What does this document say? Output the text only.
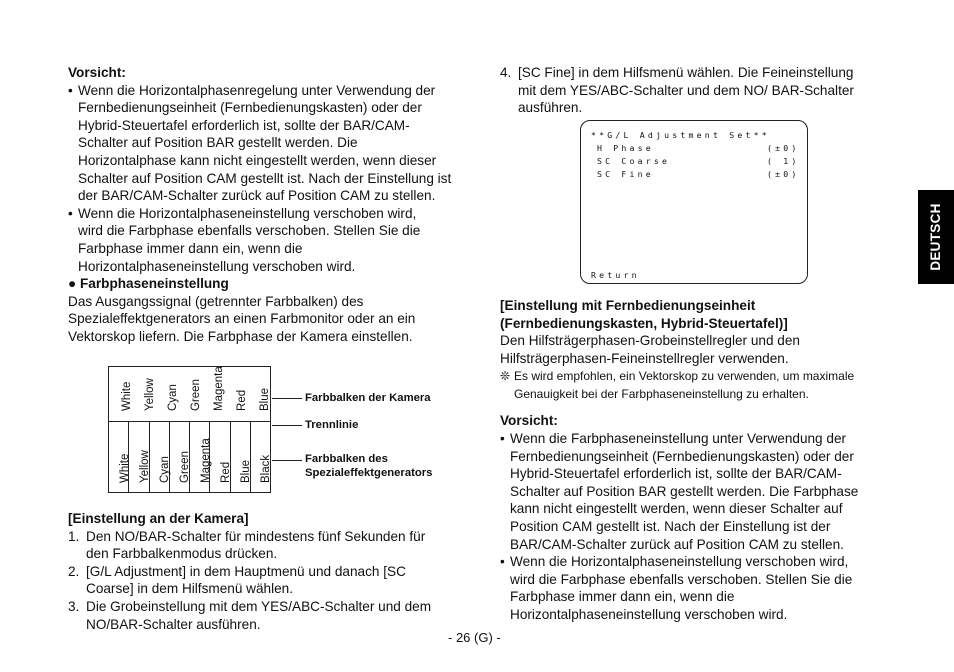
Vorsicht:
• Wenn die Horizontalphasenregelung unter Verwendung der
Fernbedienungseinheit (Fernbedienungskasten) oder der
Hybrid-Steuertafel erforderlich ist, sollte der BAR/CAM-
Schalter auf Position BAR gestellt werden. Die
Horizontalphase kann nicht eingestellt werden, wenn dieser
Schalter auf Position CAM gestellt ist. Nach der Einstellung ist
der BAR/CAM-Schalter zurück auf Position CAM zu stellen.
• Wenn die Horizontalphaseneinstellung verschoben wird,
wird die Farbphase ebenfalls verschoben. Stellen Sie die
Farbphase immer dann ein, wenn die
Horizontalphaseneinstellung verschoben wird.
● Farbphaseneinstellung
Das Ausgangssignal (getrennter Farbbalken) des
Spezialeffektgenerators an einen Farbmonitor oder an ein
Vektorskop liefern. Die Farbphase der Kamera einstellen.
White Yellow Cyan Green Magenta Red Blue
White Yellow Cyan Green Magenta Red Blue Black
Farbbalken der Kamera
Trennlinie
Farbbalken des
Spezialeffektgenerators
[Einstellung an der Kamera]
1. Den NO/BAR-Schalter für mindestens fünf Sekunden für
den Farbbalkenmodus drücken.
2. [G/L Adjustment] in dem Hauptmenü und danach [SC
Coarse] in dem Hilfsmenü wählen.
3. Die Grobeinstellung mit dem YES/ABC-Schalter und dem
NO/BAR-Schalter ausführen.
4. [SC Fine] in dem Hilfsmenü wählen. Die Feineinstellung
mit dem YES/ABC-Schalter und dem NO/ BAR-Schalter
ausführen.
**G/L Adjustment Set**
H Phase	(±0)
SC Coarse	( 1)
SC Fine	(±0)
Return
[Einstellung mit Fernbedienungseinheit
(Fernbedienungskasten, Hybrid-Steuertafel)]
Den Hilfsträgerphasen-Grobeinstellregler und den
Hilfsträgerphasen-Feineinstellregler verwenden.
❊ Es wird empfohlen, ein Vektorskop zu verwenden, um maximale
Genauigkeit bei der Farbphaseneinstellung zu erhalten.
Vorsicht:
• Wenn die Farbphaseneinstellung unter Verwendung der
Fernbedienungseinheit (Fernbedienungskasten) oder der
Hybrid-Steuertafel erforderlich ist, sollte der BAR/CAM-
Schalter auf Position BAR gestellt werden. Die Farbphase
kann nicht eingestellt werden, wenn dieser Schalter auf
Position CAM gestellt ist. Nach der Einstellung ist der
BAR/CAM-Schalter zurück auf Position CAM zu stellen.
• Wenn die Horizontalphaseneinstellung verschoben wird,
wird die Farbphase ebenfalls verschoben. Stellen Sie die
Farbphase immer dann ein, wenn die
Horizontalphaseneinstellung verschoben wird.
DEUTSCH
- 26 (G) -
